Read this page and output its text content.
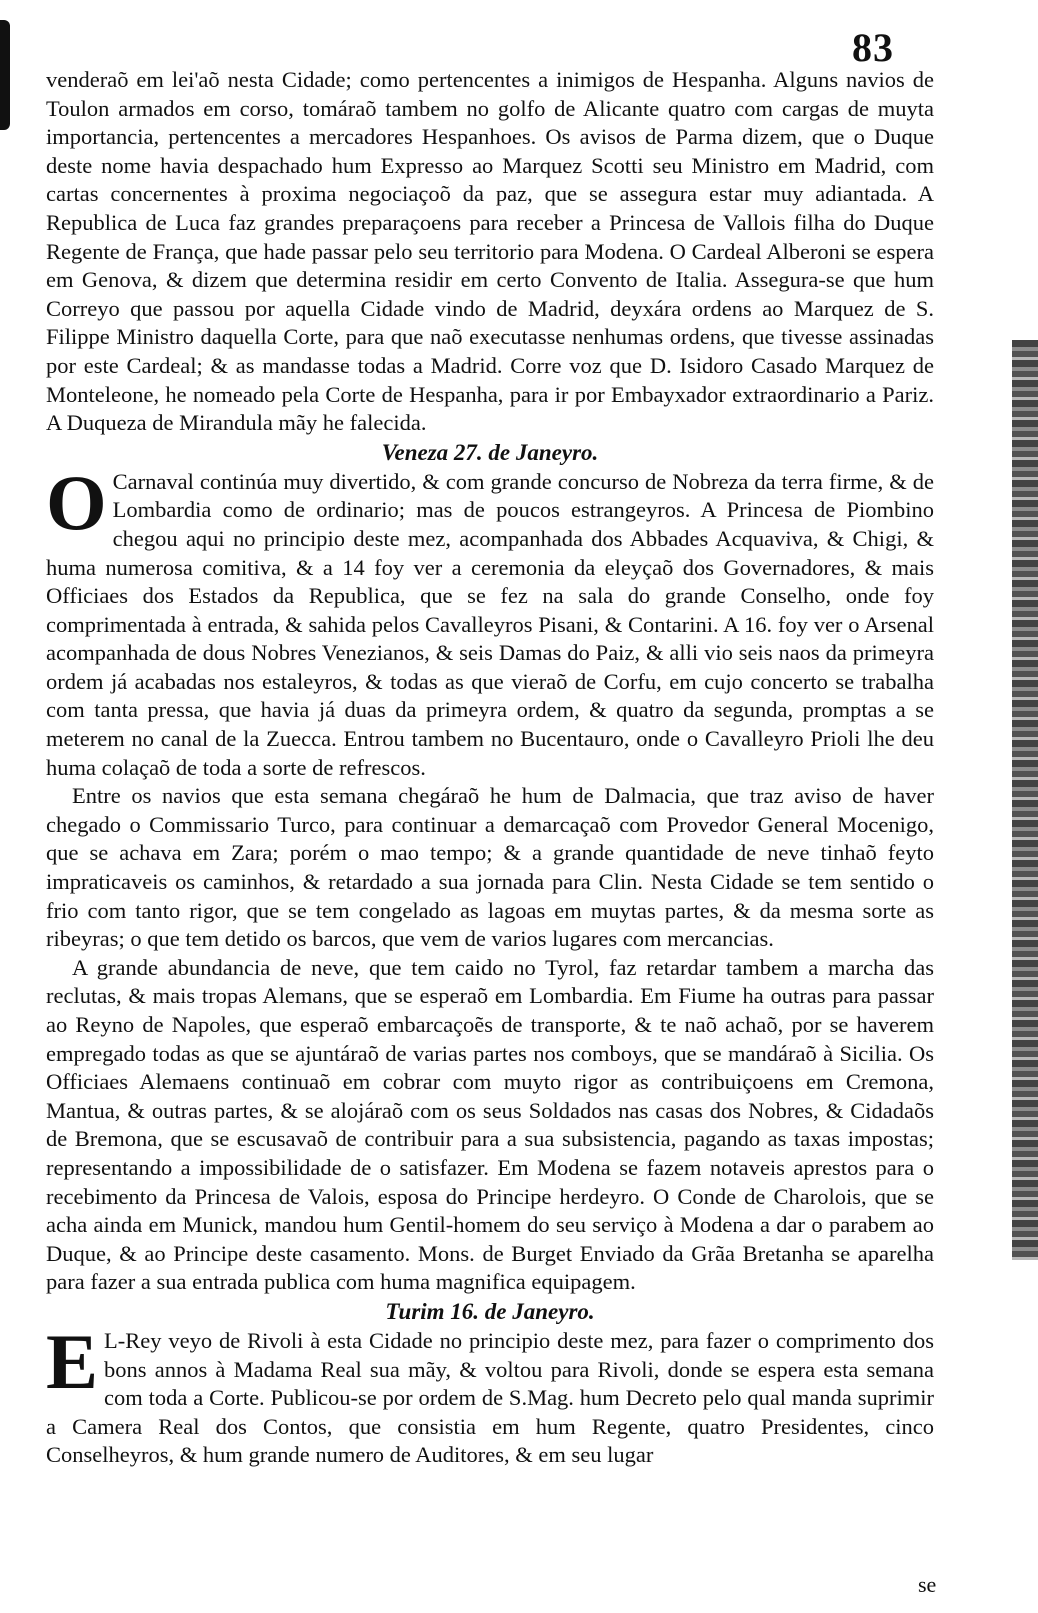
83

venderaõ em lei'aõ nesta Cidade; como pertencentes a inimigos de Hespanha. Alguns navios de Toulon armados em corso, tomáraõ tambem no golfo de Alicante quatro com cargas de muyta importancia, pertencentes a mercadores Hespanhoes. Os avisos de Parma dizem, que o Duque deste nome havia despachado hum Expresso ao Marquez Scotti seu Ministro em Madrid, com cartas concernentes à proxima negociaçoõ da paz, que se assegura estar muy adiantada. A Republica de Luca faz grandes preparaçoens para receber a Princesa de Vallois filha do Duque Regente de França, que hade passar pelo seu territorio para Modena. O Cardeal Alberoni se espera em Genova, & dizem que determina residir em certo Convento de Italia. Assegura-se que hum Correyo que passou por aquella Cidade vindo de Madrid, deyxára ordens ao Marquez de S. Filippe Ministro daquella Corte, para que naõ executasse nenhumas ordens, que tivesse assinadas por este Cardeal; & as mandasse todas a Madrid. Corre voz que D. Isidoro Casado Marquez de Monteleone, he nomeado pela Corte de Hespanha, para ir por Embayxador extraordinario a Pariz. A Duqueza de Mirandula mãy he falecida.

Veneza 27. de Janeyro.

O Carnaval continúa muy divertido, & com grande concurso de Nobreza da terra firme, & de Lombardia como de ordinario; mas de poucos estrangeyros. A Princesa de Piombino chegou aqui no principio deste mez, acompanhada dos Abbades Acquaviva, & Chigi, & huma numerosa comitiva, & a 14 foy ver a ceremonia da eleyçaõ dos Governadores, & mais Officiaes dos Estados da Republica, que se fez na sala do grande Conselho, onde foy comprimentada à entrada, & sahida pelos Cavalleyros Pisani, & Contarini. A 16. foy ver o Arsenal acompanhada de dous Nobres Venezianos, & seis Damas do Paiz, & alli vio seis naos da primeyra ordem já acabadas nos estaleyros, & todas as que vieraõ de Corfu, em cujo concerto se trabalha com tanta pressa, que havia já duas da primeyra ordem, & quatro da segunda, promptas a se meterem no canal de la Zuecca. Entrou tambem no Bucentauro, onde o Cavalleyro Prioli lhe deu huma colaçaõ de toda a sorte de refrescos.

Entre os navios que esta semana chegáraõ he hum de Dalmacia, que traz aviso de haver chegado o Commissario Turco, para continuar a demarcaçaõ com Provedor General Mocenigo, que se achava em Zara; porém o mao tempo; & a grande quantidade de neve tinhaõ feyto impraticaveis os caminhos, & retardado a sua jornada para Clin. Nesta Cidade se tem sentido o frio com tanto rigor, que se tem congelado as lagoas em muytas partes, & da mesma sorte as ribeyras; o que tem detido os barcos, que vem de varios lugares com mercancias.

A grande abundancia de neve, que tem caido no Tyrol, faz retardar tambem a marcha das reclutas, & mais tropas Alemans, que se esperaõ em Lombardia. Em Fiume ha outras para passar ao Reyno de Napoles, que esperaõ embarcaçoẽs de transporte, & te naõ achaõ, por se haverem empregado todas as que se ajuntáraõ de varias partes nos comboys, que se mandáraõ à Sicilia. Os Officiaes Alemaens continuaõ em cobrar com muyto rigor as contribuiçoens em Cremona, Mantua, & outras partes, & se alojáraõ com os seus Soldados nas casas dos Nobres, & Cidadaõs de Bremona, que se escusavaõ de contribuir para a sua subsistencia, pagando as taxas impostas; representando a impossibilidade de o satisfazer. Em Modena se fazem notaveis aprestos para o recebimento da Princesa de Valois, esposa do Principe herdeyro. O Conde de Charolois, que se acha ainda em Munick, mandou hum Gentil-homem do seu serviço à Modena a dar o parabem ao Duque, & ao Principe deste casamento. Mons. de Burget Enviado da Grãa Bretanha se aparelha para fazer a sua entrada publica com huma magnifica equipagem.

Turim 16. de Janeyro.

E L-Rey veyo de Rivoli à esta Cidade no principio deste mez, para fazer o comprimento dos bons annos à Madama Real sua mãy, & voltou para Rivoli, donde se espera esta semana com toda a Corte. Publicou-se por ordem de S.Mag. hum Decreto pelo qual manda suprimir a Camera Real dos Contos, que consistia em hum Regente, quatro Presidentes, cinco Conselheyros, & hum grande numero de Auditores, & em seu lugar

se
